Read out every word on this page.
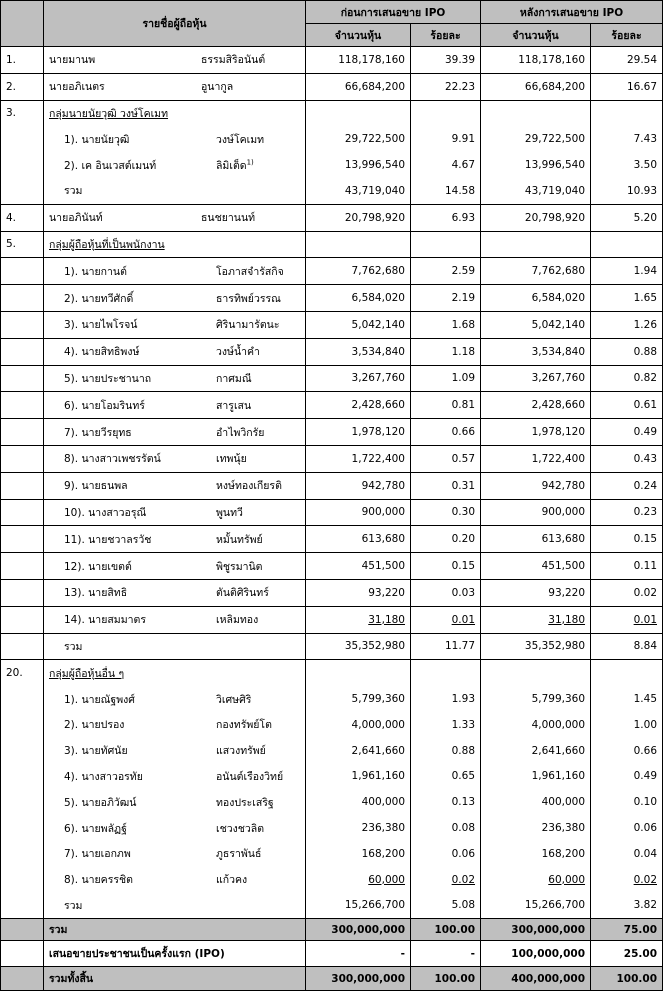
	รายชื่อผู้ถือหุ้น	ก่อนการเสนอขาย IPO		หลังการเสนอขาย IPO	
		จำนวนหุ้น	ร้อยละ	จำนวนหุ้น	ร้อยละ
1.	นายมานพ ธรรมสิริอนันต์	118,178,160	39.39	118,178,160	29.54
2.	นายอภิเนตร อูนากูล	66,684,200	22.23	66,684,200	16.67
3.	กลุ่มนายนัยวุฒิ วงษ์โคเมท				
	1). นายนัยวุฒิ วงษ์โคเมท	29,722,500	9.91	29,722,500	7.43
	2). เค อินเวสต์เมนท์ ลิมิเต็ด$^{1)}$	13,996,540	4.67	13,996,540	3.50
	รวม	43,719,040	14.58	43,719,040	10.93
4.	นายอภินันท์ ธนชยานนท์	20,798,920	6.93	20,798,920	5.20
5.	กลุ่มผู้ถือหุ้นที่เป็นพนักงาน				
	1). นายกานต์ โอภาสจำรัสกิจ	7,762,680	2.59	7,762,680	1.94
	2). นายทวีศักดิ์ ธารทิพย์วรรณ	6,584,020	2.19	6,584,020	1.65
	3). นายไพโรจน์ ศิรินามารัตนะ	5,042,140	1.68	5,042,140	1.26
	4). นายสิทธิพงษ์ วงษ์น้ำคำ	3,534,840	1.18	3,534,840	0.88
	5). นายประชานาถ กาศมณี	3,267,760	1.09	3,267,760	0.82
	6). นายโอมรินทร์ สารูเสน	2,428,660	0.81	2,428,660	0.61
	7). นายวีรยุทธ อำไพวิกรัย	1,978,120	0.66	1,978,120	0.49
	8). นางสาวเพชรรัตน์ เทพนุ้ย	1,722,400	0.57	1,722,400	0.43
	9). นายธนพล หงษ์ทองเกียรติ	942,780	0.31	942,780	0.24
	10). นางสาวอรุณี พูนทวี	900,000	0.30	900,000	0.23
	11). นายชวาลรวัช หมั้นทรัพย์	613,680	0.20	613,680	0.15
	12). นายเขตต์ พิชูรมานิต	451,500	0.15	451,500	0.11
	13). นายสิทธิ ตันติศิรินทร์	93,220	0.03	93,220	0.02
	14). นายสมมาตร เหลิมทอง	31,180	0.01	31,180	0.01
	รวม	35,352,980	11.77	35,352,980	8.84
20.	กลุ่มผู้ถือหุ้นอื่น ๆ				
	1). นายณัฐพงศ์ วิเศษศิริ	5,799,360	1.93	5,799,360	1.45
	2). นายปรอง กองทรัพย์โต	4,000,000	1.33	4,000,000	1.00
	3). นายทัศนัย แสวงทรัพย์	2,641,660	0.88	2,641,660	0.66
	4). นางสาวอรทัย อนันต์เรืองวิทย์	1,961,160	0.65	1,961,160	0.49
	5). นายอภิวัฒน์ ทองประเสริฐ	400,000	0.13	400,000	0.10
	6). นายพลัฏฐ์ เชวงชวลิต	236,380	0.08	236,380	0.06
	7). นายเอกภพ ภูธราพันธ์	168,200	0.06	168,200	0.04
	8). นายครรชิต แก้วคง	60,000	0.02	60,000	0.02
	รวม	15,266,700	5.08	15,266,700	3.82
	รวม	300,000,000	100.00	300,000,000	75.00
	เสนอขายประชาชนเป็นครั้งแรก (IPO)	-	-	100,000,000	25.00
	รวมทั้งสิ้น	300,000,000	100.00	400,000,000	100.00
